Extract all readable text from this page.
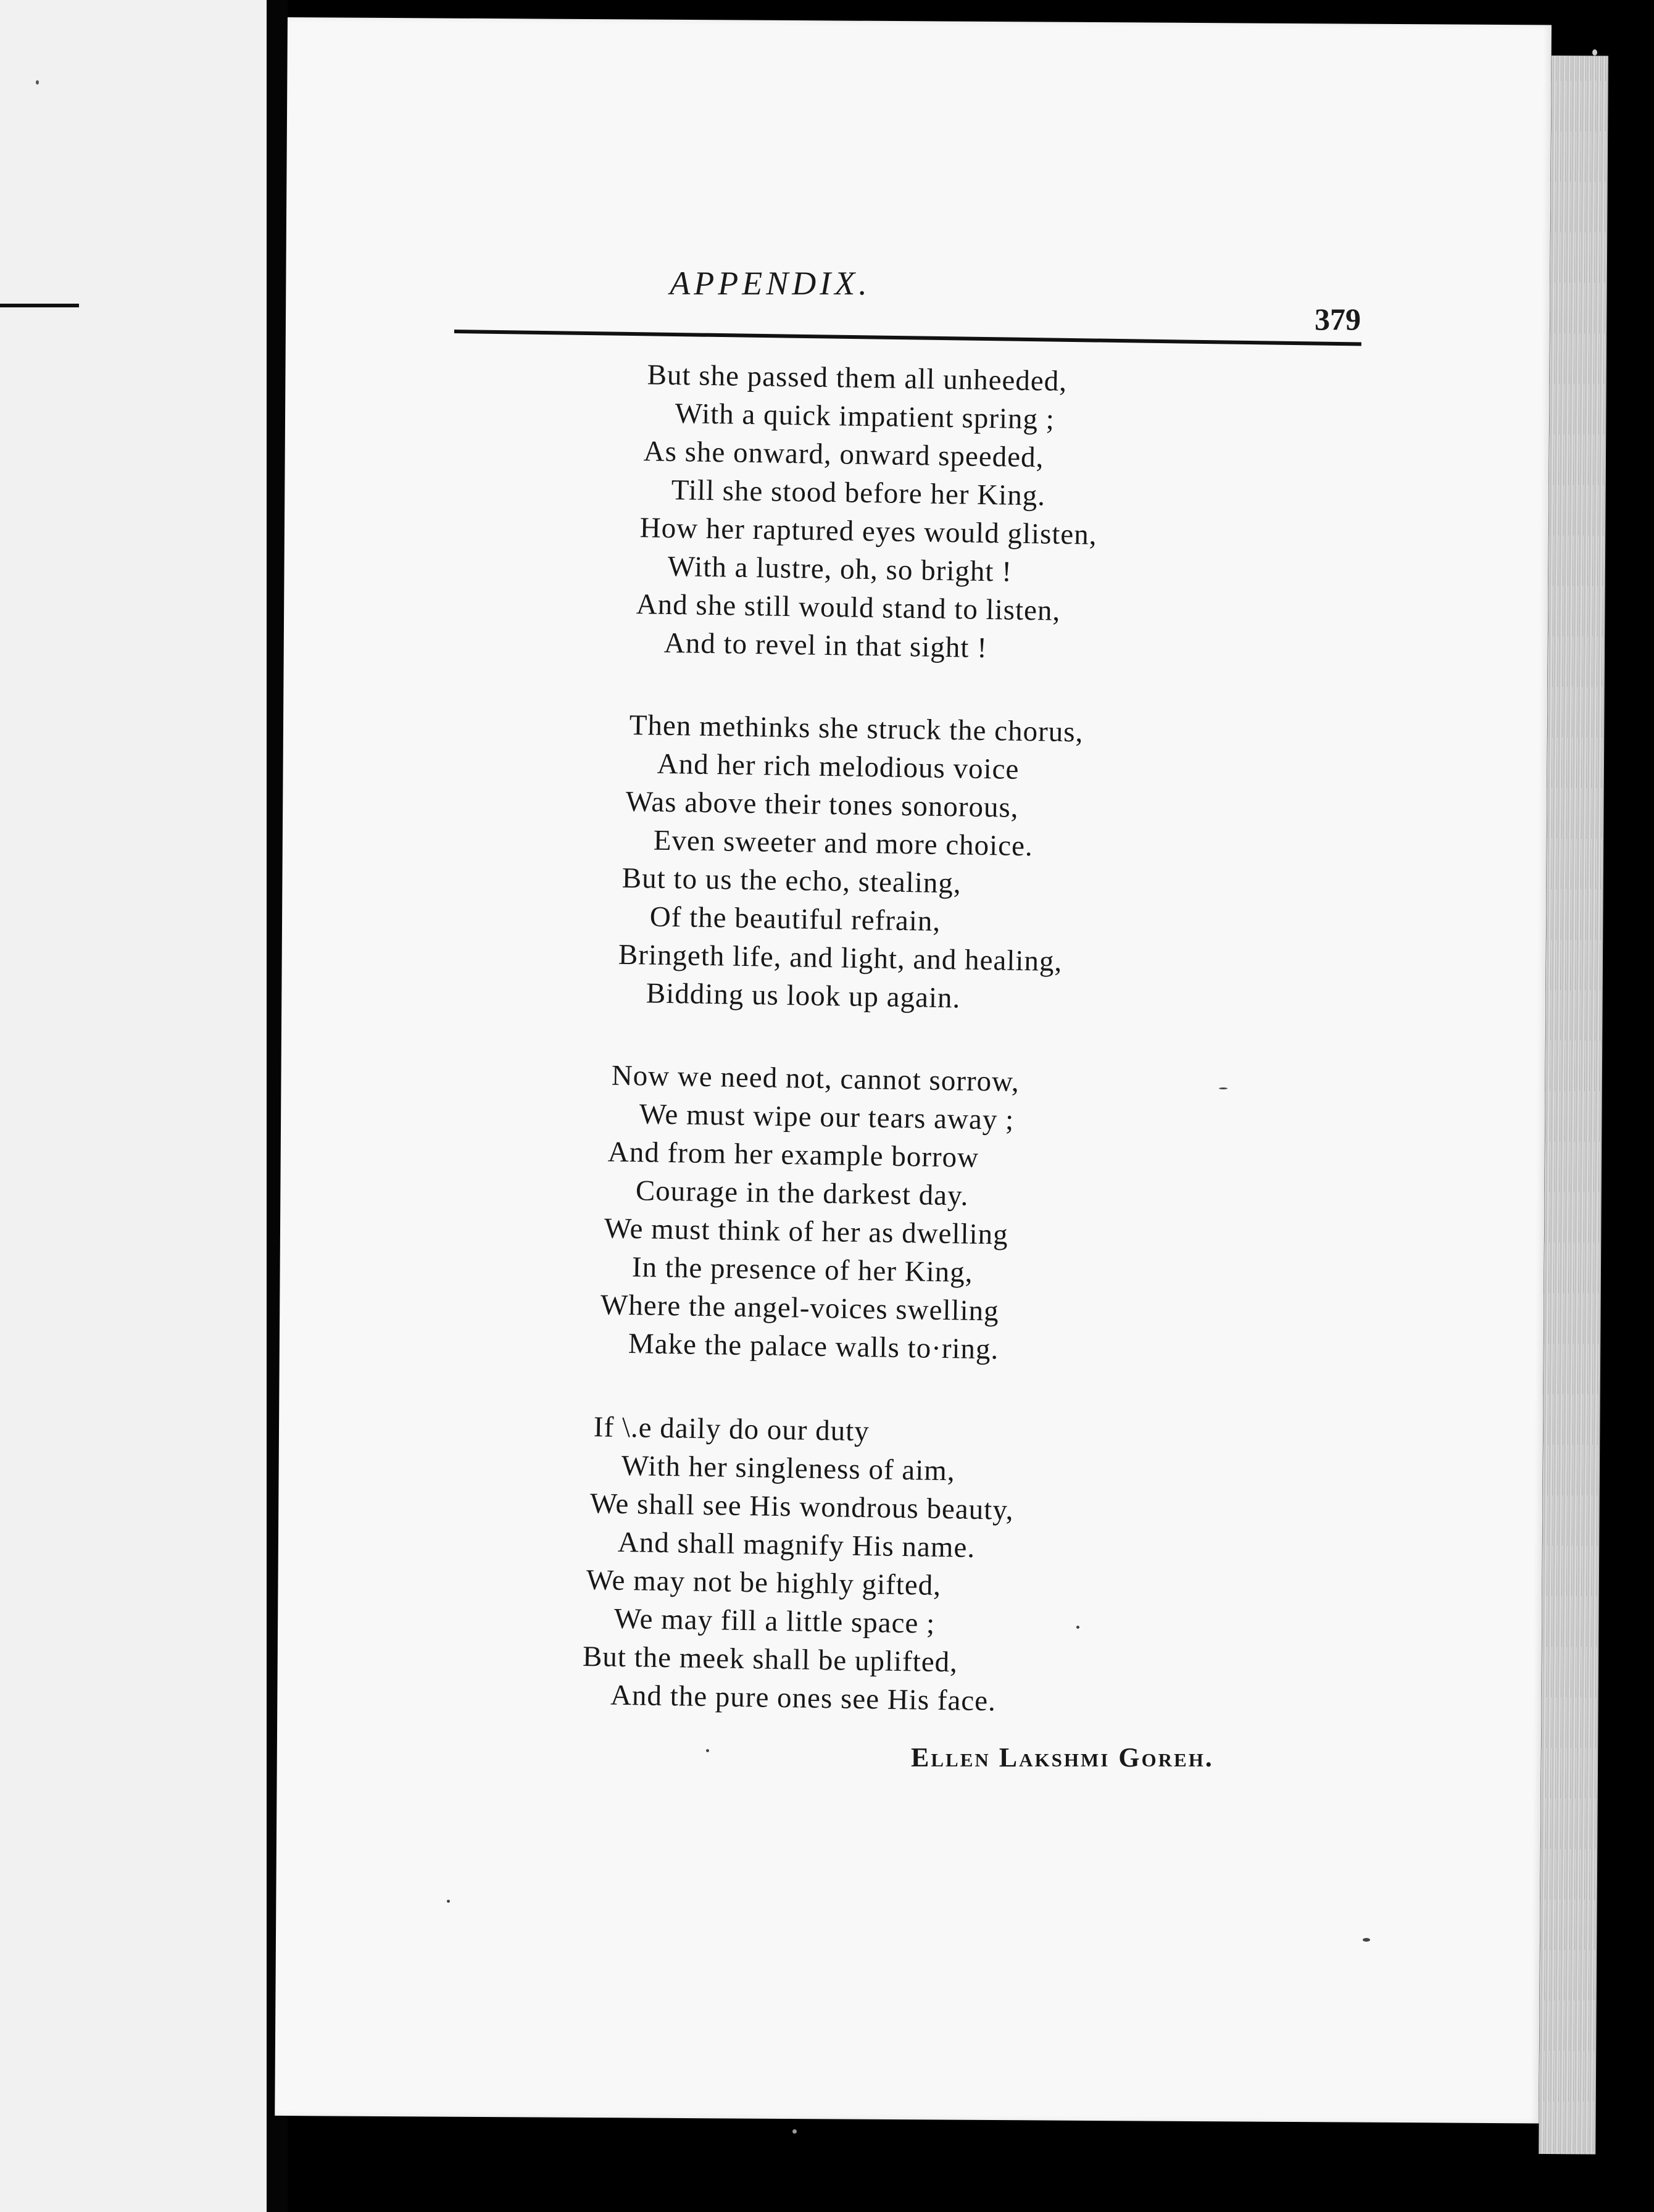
APPENDIX.
379
But she passed them all unheeded,
With a quick impatient spring ;
As she onward, onward speeded,
Till she stood before her King.
How her raptured eyes would glisten,
With a lustre, oh, so bright !
And she still would stand to listen,
And to revel in that sight !
Then methinks she struck the chorus,
And her rich melodious voice
Was above their tones sonorous,
Even sweeter and more choice.
But to us the echo, stealing,
Of the beautiful refrain,
Bringeth life, and light, and healing,
Bidding us look up again.
Now we need not, cannot sorrow,
We must wipe our tears away ;
And from her example borrow
Courage in the darkest day.
We must think of her as dwelling
In the presence of her King,
Where the angel-voices swelling
Make the palace walls to·ring.
If \.e daily do our duty
With her singleness of aim,
We shall see His wondrous beauty,
And shall magnify His name.
We may not be highly gifted,
We may fill a little space ;
But the meek shall be uplifted,
And the pure ones see His face.
Ellen Lakshmi Goreh.
